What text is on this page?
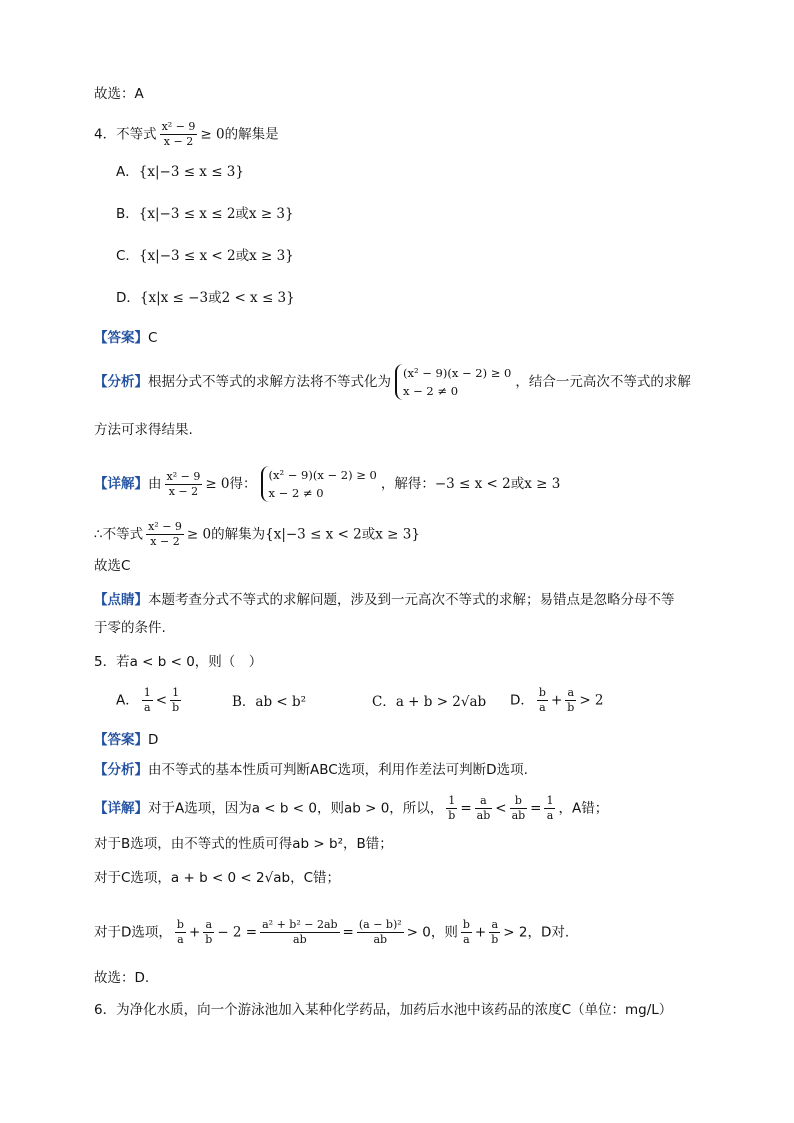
故选：A
4．不等式 $\frac{\text{x² − 9}}{x - 2} \ge 0$的解集是
A．{x|−3 ≤ x ≤ 3}
B．{x|−3 ≤ x ≤ 2或x ≥ 3}
C．{x|−3 ≤ x < 2或x ≥ 3}
D．{x|x ≤ −3或2 < x ≤ 3}
【答案】C
【分析】根据分式不等式的求解方法将不等式化为
(x² − 9)(x − 2) ≥ 0
x − 2 ≠ 0
，结合一元高次不等式的求解
方法可求得结果.
【详解】由 $\frac{\text{x² − 9}}{x - 2} \ge 0$得：
(x² − 9)(x − 2) ≥ 0
x − 2 ≠ 0
，解得：−3 ≤ x < 2或x ≥ 3
∴不等式 $\frac{\text{x² − 9}}{x - 2} \ge 0$的解集为{x|−3 ≤ x < 2或x ≥ 3}
故选C
【点睛】本题考查分式不等式的求解问题，涉及到一元高次不等式的求解；易错点是忽略分母不等
于零的条件.
5．若a < b < 0，则（　）
A． $\frac{1}{a} < \frac{1}{b}$	B．ab < b²	C．a + b > 2√ab D． $\frac{b}{a} + \frac{a}{b} > 2$
【答案】D
【分析】由不等式的基本性质可判断ABC选项，利用作差法可判断D选项.
【详解】对于A选项，因为a < b < 0，则ab > 0，所以， $\frac{1}{b} = \frac{a}{ab} < \frac{b}{ab} = \frac{1}{a}$ ，A错；
对于B选项，由不等式的性质可得ab > b²，B错；
对于C选项，a + b < 0 < 2√ab，C错；
对于D选项， $\frac{b}{a} + \frac{a}{b} - 2 = \frac{\text{a² + b² − 2ab}}{ab} = \frac{\text{(a − b)²}}{ab} > 0$，则 $\frac{b}{a} + \frac{a}{b} > 2$，D对.
故选：D.
6．为净化水质，向一个游泳池加入某种化学药品，加药后水池中该药品的浓度C（单位：mg/L）
